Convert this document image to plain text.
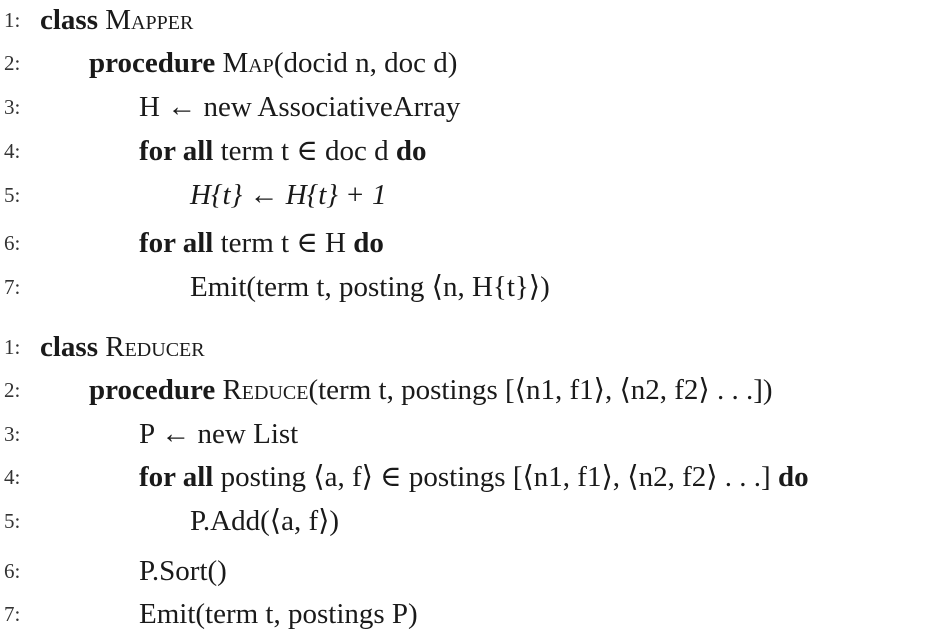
1: class Mapper
2: procedure Map(docid n, doc d)
3:	H ← new AssociativeArray
4:	for all term t ∈ doc d do
5:	H{t} ← H{t} + 1
6:	for all term t ∈ H do
7:	Emit(term t, posting ⟨n, H{t}⟩)
1: class Reducer
2: procedure Reduce(term t, postings [⟨n1, f1⟩, ⟨n2, f2⟩ . . .])
3:	P ← new List
4:	for all posting ⟨a, f⟩ ∈ postings [⟨n1, f1⟩, ⟨n2, f2⟩ . . .] do
5:	P.Add(⟨a, f⟩)
6:	P.Sort()
7:	Emit(term t, postings P)
